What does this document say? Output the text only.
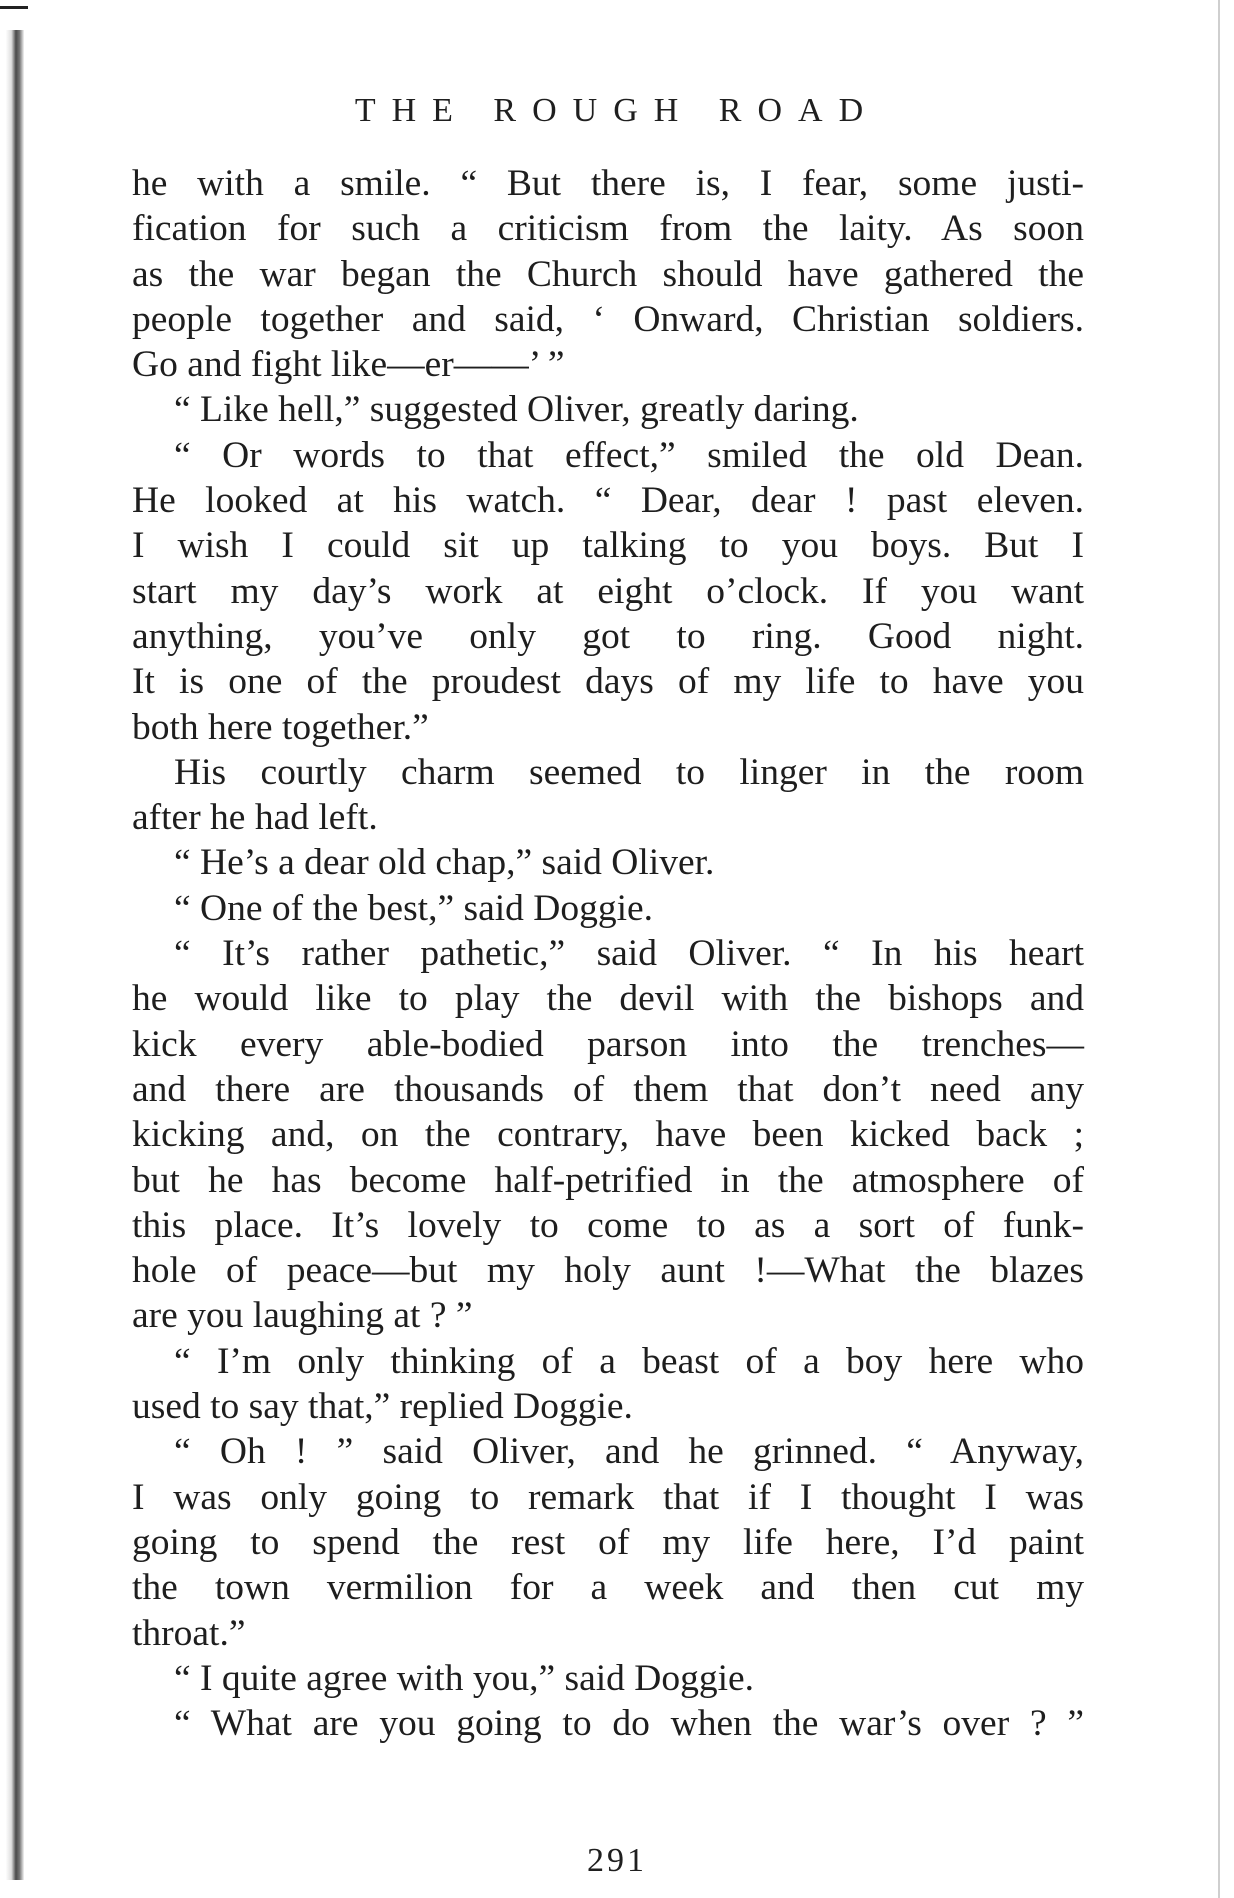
THE ROUGH ROAD
he with a smile. “ But there is, I fear, some justi-
fication for such a criticism from the laity. As soon
as the war began the Church should have gathered the
people together and said, ‘ Onward, Christian soldiers.
Go and fight like—er——’ ”
“ Like hell,” suggested Oliver, greatly daring.
“ Or words to that effect,” smiled the old Dean.
He looked at his watch. “ Dear, dear ! past eleven.
I wish I could sit up talking to you boys. But I
start my day’s work at eight o’clock. If you want
anything, you’ve only got to ring. Good night.
It is one of the proudest days of my life to have you
both here together.”
His courtly charm seemed to linger in the room
after he had left.
“ He’s a dear old chap,” said Oliver.
“ One of the best,” said Doggie.
“ It’s rather pathetic,” said Oliver. “ In his heart
he would like to play the devil with the bishops and
kick every able-bodied parson into the trenches—
and there are thousands of them that don’t need any
kicking and, on the contrary, have been kicked back ;
but he has become half-petrified in the atmosphere of
this place. It’s lovely to come to as a sort of funk-
hole of peace—but my holy aunt !—What the blazes
are you laughing at ? ”
“ I’m only thinking of a beast of a boy here who
used to say that,” replied Doggie.
“ Oh ! ” said Oliver, and he grinned. “ Anyway,
I was only going to remark that if I thought I was
going to spend the rest of my life here, I’d paint
the town vermilion for a week and then cut my
throat.”
“ I quite agree with you,” said Doggie.
“ What are you going to do when the war’s over ? ”
291
